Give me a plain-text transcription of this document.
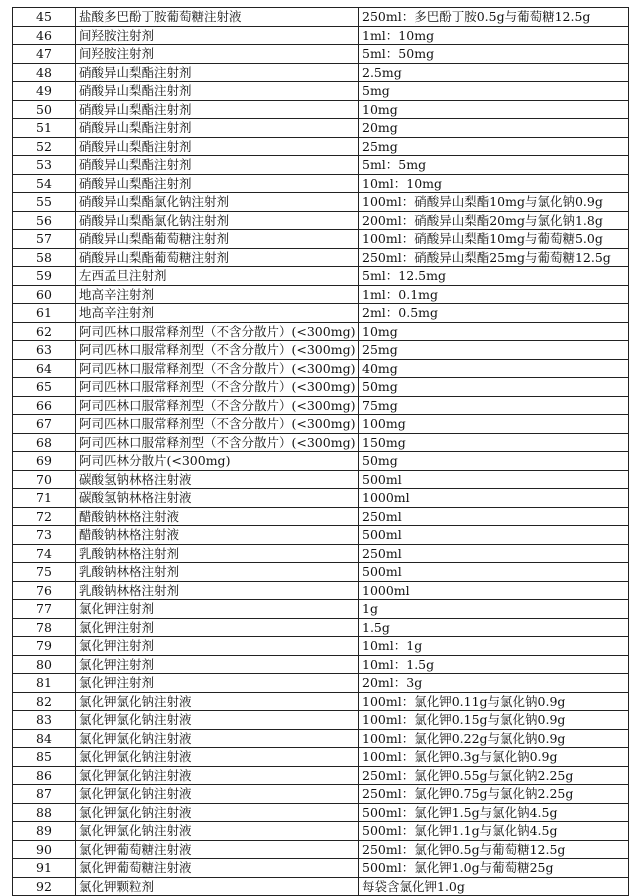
45	盐酸多巴酚丁胺葡萄糖注射液	250ml：多巴酚丁胺0.5g与葡萄糖12.5g
46	间羟胺注射剂	1ml：10mg
47	间羟胺注射剂	5ml：50mg
48	硝酸异山梨酯注射剂	2.5mg
49	硝酸异山梨酯注射剂	5mg
50	硝酸异山梨酯注射剂	10mg
51	硝酸异山梨酯注射剂	20mg
52	硝酸异山梨酯注射剂	25mg
53	硝酸异山梨酯注射剂	5ml：5mg
54	硝酸异山梨酯注射剂	10ml：10mg
55	硝酸异山梨酯氯化钠注射剂	100ml：硝酸异山梨酯10mg与氯化钠0.9g
56	硝酸异山梨酯氯化钠注射剂	200ml：硝酸异山梨酯20mg与氯化钠1.8g
57	硝酸异山梨酯葡萄糖注射剂	100ml：硝酸异山梨酯10mg与葡萄糖5.0g
58	硝酸异山梨酯葡萄糖注射剂	250ml：硝酸异山梨酯25mg与葡萄糖12.5g
59	左西孟旦注射剂	5ml：12.5mg
60	地高辛注射剂	1ml：0.1mg
61	地高辛注射剂	2ml：0.5mg
62	阿司匹林口服常释剂型（不含分散片）(<300mg)	10mg
63	阿司匹林口服常释剂型（不含分散片）(<300mg)	25mg
64	阿司匹林口服常释剂型（不含分散片）(<300mg)	40mg
65	阿司匹林口服常释剂型（不含分散片）(<300mg)	50mg
66	阿司匹林口服常释剂型（不含分散片）(<300mg)	75mg
67	阿司匹林口服常释剂型（不含分散片）(<300mg)	100mg
68	阿司匹林口服常释剂型（不含分散片）(<300mg)	150mg
69	阿司匹林分散片(<300mg)	50mg
70	碳酸氢钠林格注射液	500ml
71	碳酸氢钠林格注射液	1000ml
72	醋酸钠林格注射液	250ml
73	醋酸钠林格注射液	500ml
74	乳酸钠林格注射剂	250ml
75	乳酸钠林格注射剂	500ml
76	乳酸钠林格注射剂	1000ml
77	氯化钾注射剂	1g
78	氯化钾注射剂	1.5g
79	氯化钾注射剂	10ml：1g
80	氯化钾注射剂	10ml：1.5g
81	氯化钾注射剂	20ml：3g
82	氯化钾氯化钠注射液	100ml：氯化钾0.11g与氯化钠0.9g
83	氯化钾氯化钠注射液	100ml：氯化钾0.15g与氯化钠0.9g
84	氯化钾氯化钠注射液	100ml：氯化钾0.22g与氯化钠0.9g
85	氯化钾氯化钠注射液	100ml：氯化钾0.3g与氯化钠0.9g
86	氯化钾氯化钠注射液	250ml：氯化钾0.55g与氯化钠2.25g
87	氯化钾氯化钠注射液	250ml：氯化钾0.75g与氯化钠2.25g
88	氯化钾氯化钠注射液	500ml：氯化钾1.5g与氯化钠4.5g
89	氯化钾氯化钠注射液	500ml：氯化钾1.1g与氯化钠4.5g
90	氯化钾葡萄糖注射液	250ml：氯化钾0.5g与葡萄糖12.5g
91	氯化钾葡萄糖注射液	500ml：氯化钾1.0g与葡萄糖25g
92	氯化钾颗粒剂	每袋含氯化钾1.0g
